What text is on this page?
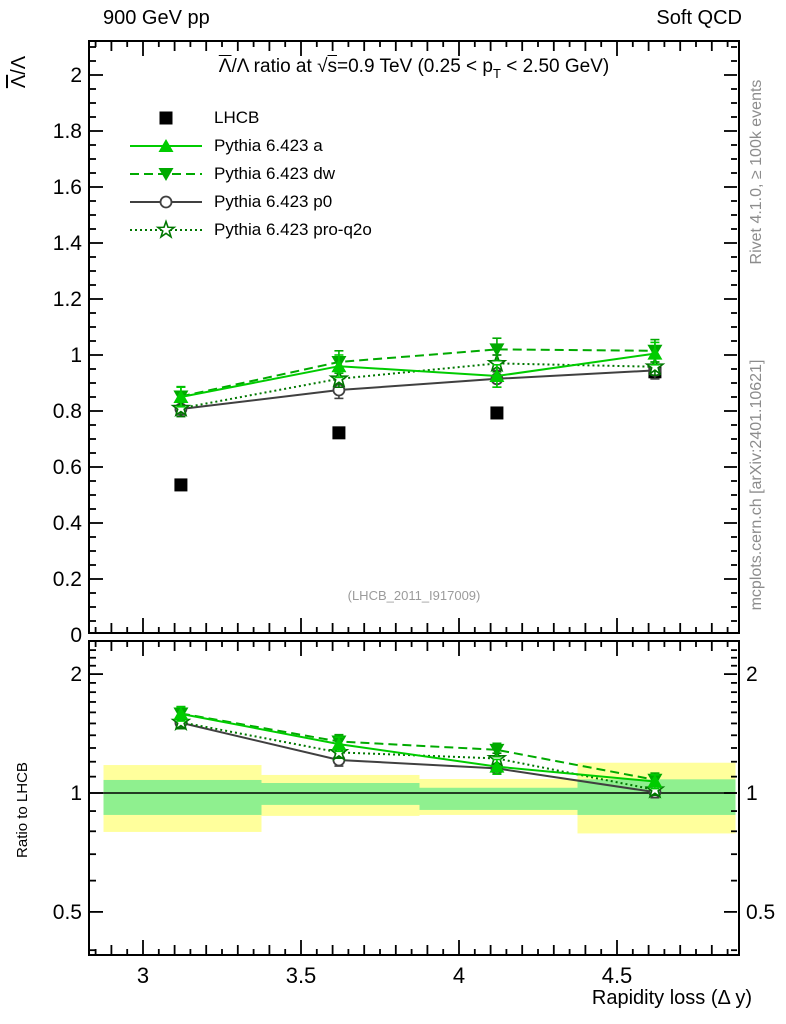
900 GeV pp	Soft QCD
$\overline{\Lambda}/\Lambda$	$\overline{\Lambda}/\Lambda$ ratio at √s=0.9 TeV ($0.25 < p_T < 2.50$ GeV)
LHCB
Pythia 6.423 a
Pythia 6.423 dw
Pythia 6.423 p0
Pythia 6.423 pro-q2o
(LHCB_2011_I917009)
Rivet 4.1.0, ≥ 100k events
mcplots.cern.ch [arXiv:2401.10621]
Ratio to LHCB
Rapidity loss (Δ y)
0
0.2
0.4
0.6
0.8
1
1.2
1.4
1.6
1.8
2
0.5	0.5
1	1
2	2
3	3.5	4	4.5
